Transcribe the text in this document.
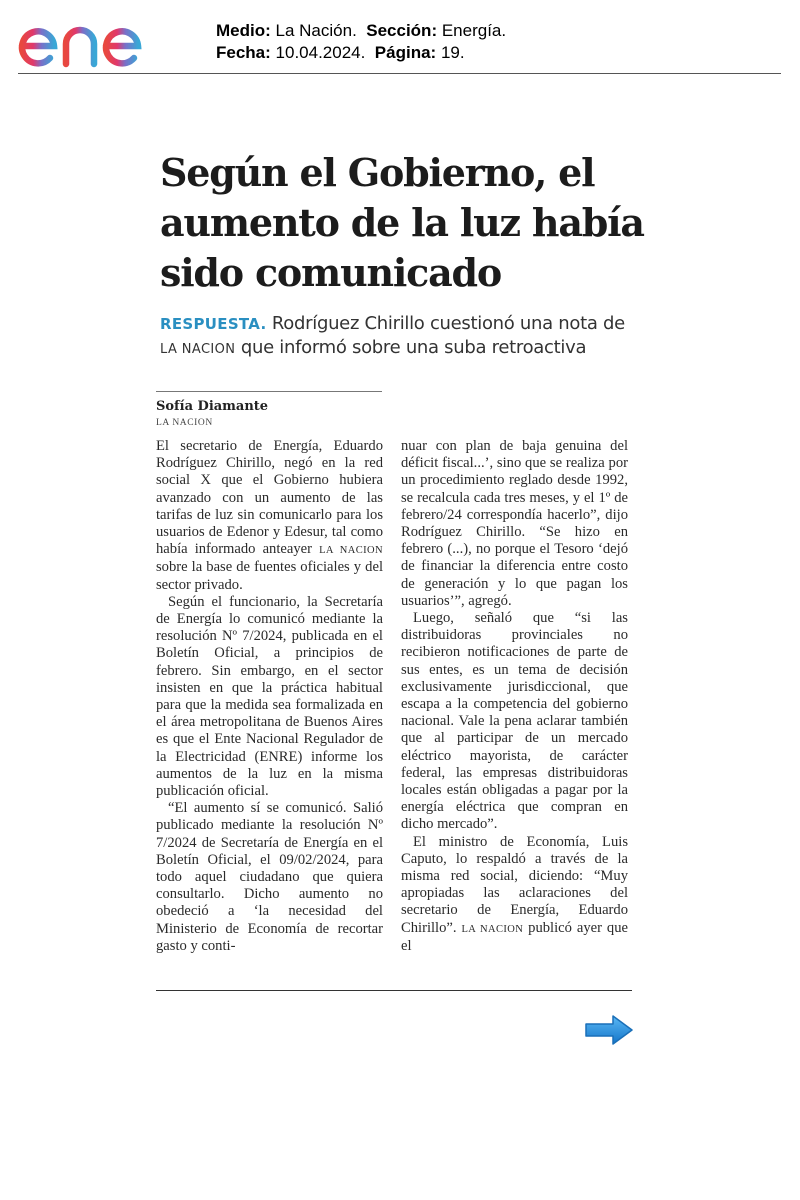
Medio: La Nación. Sección: Energía.
Fecha: 10.04.2024. Página: 19.
Según el Gobierno, el aumento de la luz había sido comunicado
RESPUESTA. Rodríguez Chirillo cuestionó una nota de LA NACION que informó sobre una suba retroactiva
Sofía Diamante
LA NACION

El secretario de Energía, Eduardo Rodríguez Chirillo, negó en la red social X que el Gobierno hubiera avanzado con un aumento de las tarifas de luz sin comunicarlo para los usuarios de Edenor y Edesur, tal como había informado anteayer LA NACION sobre la base de fuentes oficiales y del sector privado.

Según el funcionario, la Secretaría de Energía lo comunicó mediante la resolución Nº 7/2024, publicada en el Boletín Oficial, a principios de febrero. Sin embargo, en el sector insisten en que la práctica habitual para que la medida sea formalizada en el área metropolitana de Buenos Aires es que el Ente Nacional Regulador de la Electricidad (ENRE) informe los aumentos de la luz en la misma publicación oficial.

“El aumento sí se comunicó. Salió publicado mediante la resolución Nº 7/2024 de Secretaría de Energía en el Boletín Oficial, el 09/02/2024, para todo aquel ciudadano que quiera consultarlo. Dicho aumento no obedeció a ‘la necesidad del Ministerio de Economía de recortar gasto y conti-

nuar con plan de baja genuina del déficit fiscal...’, sino que se realiza por un procedimiento reglado desde 1992, se recalcula cada tres meses, y el 1º de febrero/24 correspondía hacerlo”, dijo Rodríguez Chirillo. “Se hizo en febrero (...), no porque el Tesoro ‘dejó de financiar la diferencia entre costo de generación y lo que pagan los usuarios’”, agregó.

Luego, señaló que “si las distribuidoras provinciales no recibieron notificaciones de parte de sus entes, es un tema de decisión exclusivamente jurisdiccional, que escapa a la competencia del gobierno nacional. Vale la pena aclarar también que al participar de un mercado eléctrico mayorista, de carácter federal, las empresas distribuidoras locales están obligadas a pagar por la energía eléctrica que compran en dicho mercado”.

El ministro de Economía, Luis Caputo, lo respaldó a través de la misma red social, diciendo: “Muy apropiadas las aclaraciones del secretario de Energía, Eduardo Chirillo”. LA NACION publicó ayer que el
